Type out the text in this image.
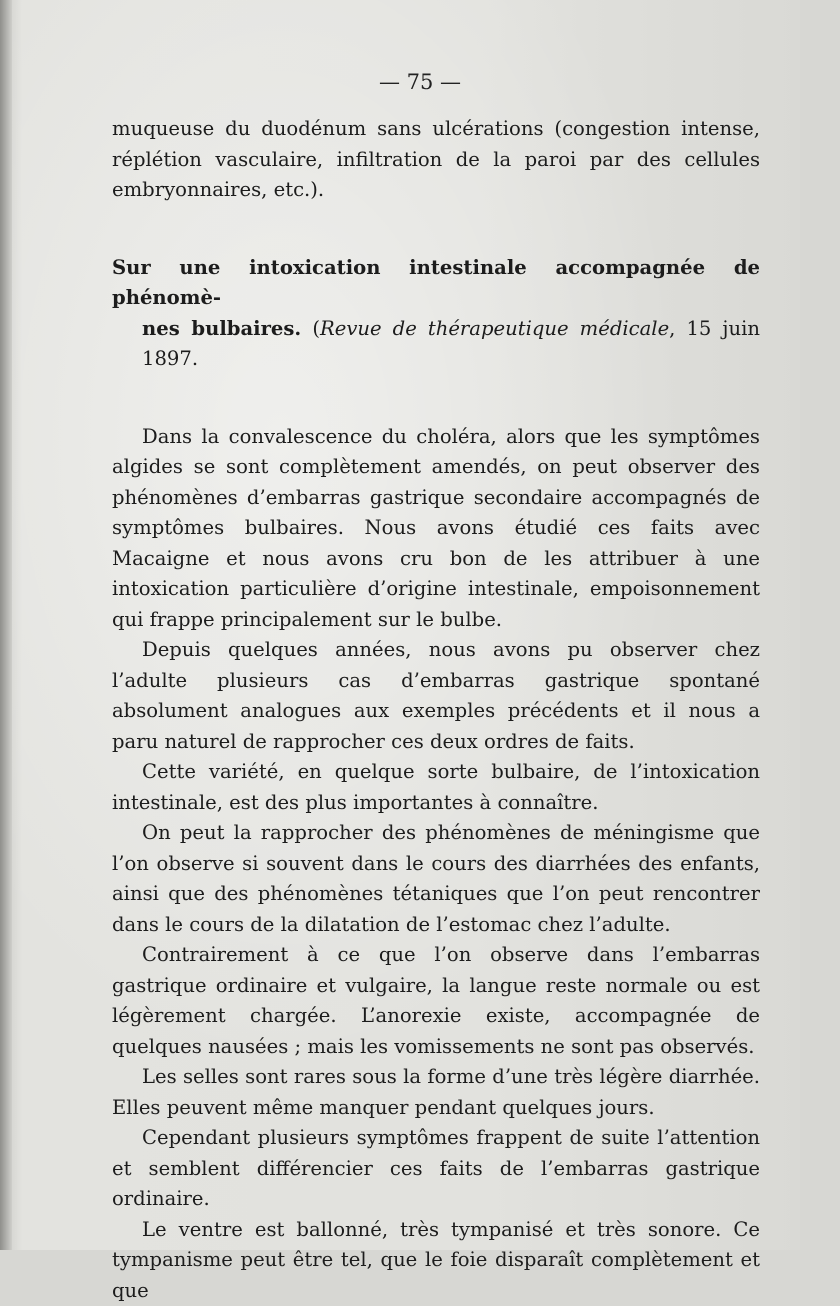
— 75 —

muqueuse du duodénum sans ulcérations (congestion intense, réplétion vasculaire, infiltration de la paroi par des cellules embryonnaires, etc.).

Sur une intoxication intestinale accompagnée de phénomè-
nes bulbaires. (Revue de thérapeutique médicale, 15 juin 1897.

Dans la convalescence du choléra, alors que les symptômes algides se sont complètement amendés, on peut observer des phénomènes d’embarras gastrique secondaire accompagnés de symptômes bulbaires. Nous avons étudié ces faits avec Macaigne et nous avons cru bon de les attribuer à une intoxication particulière d’origine intestinale, empoisonnement qui frappe principalement sur le bulbe.

Depuis quelques années, nous avons pu observer chez l’adulte plusieurs cas d’embarras gastrique spontané absolument analogues aux exemples précédents et il nous a paru naturel de rapprocher ces deux ordres de faits.

Cette variété, en quelque sorte bulbaire, de l’intoxication intestinale, est des plus importantes à connaître.

On peut la rapprocher des phénomènes de méningisme que l’on observe si souvent dans le cours des diarrhées des enfants, ainsi que des phénomènes tétaniques que l’on peut rencontrer dans le cours de la dilatation de l’estomac chez l’adulte.

Contrairement à ce que l’on observe dans l’embarras gastrique ordinaire et vulgaire, la langue reste normale ou est légèrement chargée. L’anorexie existe, accompagnée de quelques nausées ; mais les vomissements ne sont pas observés.

Les selles sont rares sous la forme d’une très légère diarrhée. Elles peuvent même manquer pendant quelques jours.

Cependant plusieurs symptômes frappent de suite l’attention et semblent différencier ces faits de l’embarras gastrique ordinaire.

Le ventre est ballonné, très tympanisé et très sonore. Ce tympanisme peut être tel, que le foie disparaît complètement et que
